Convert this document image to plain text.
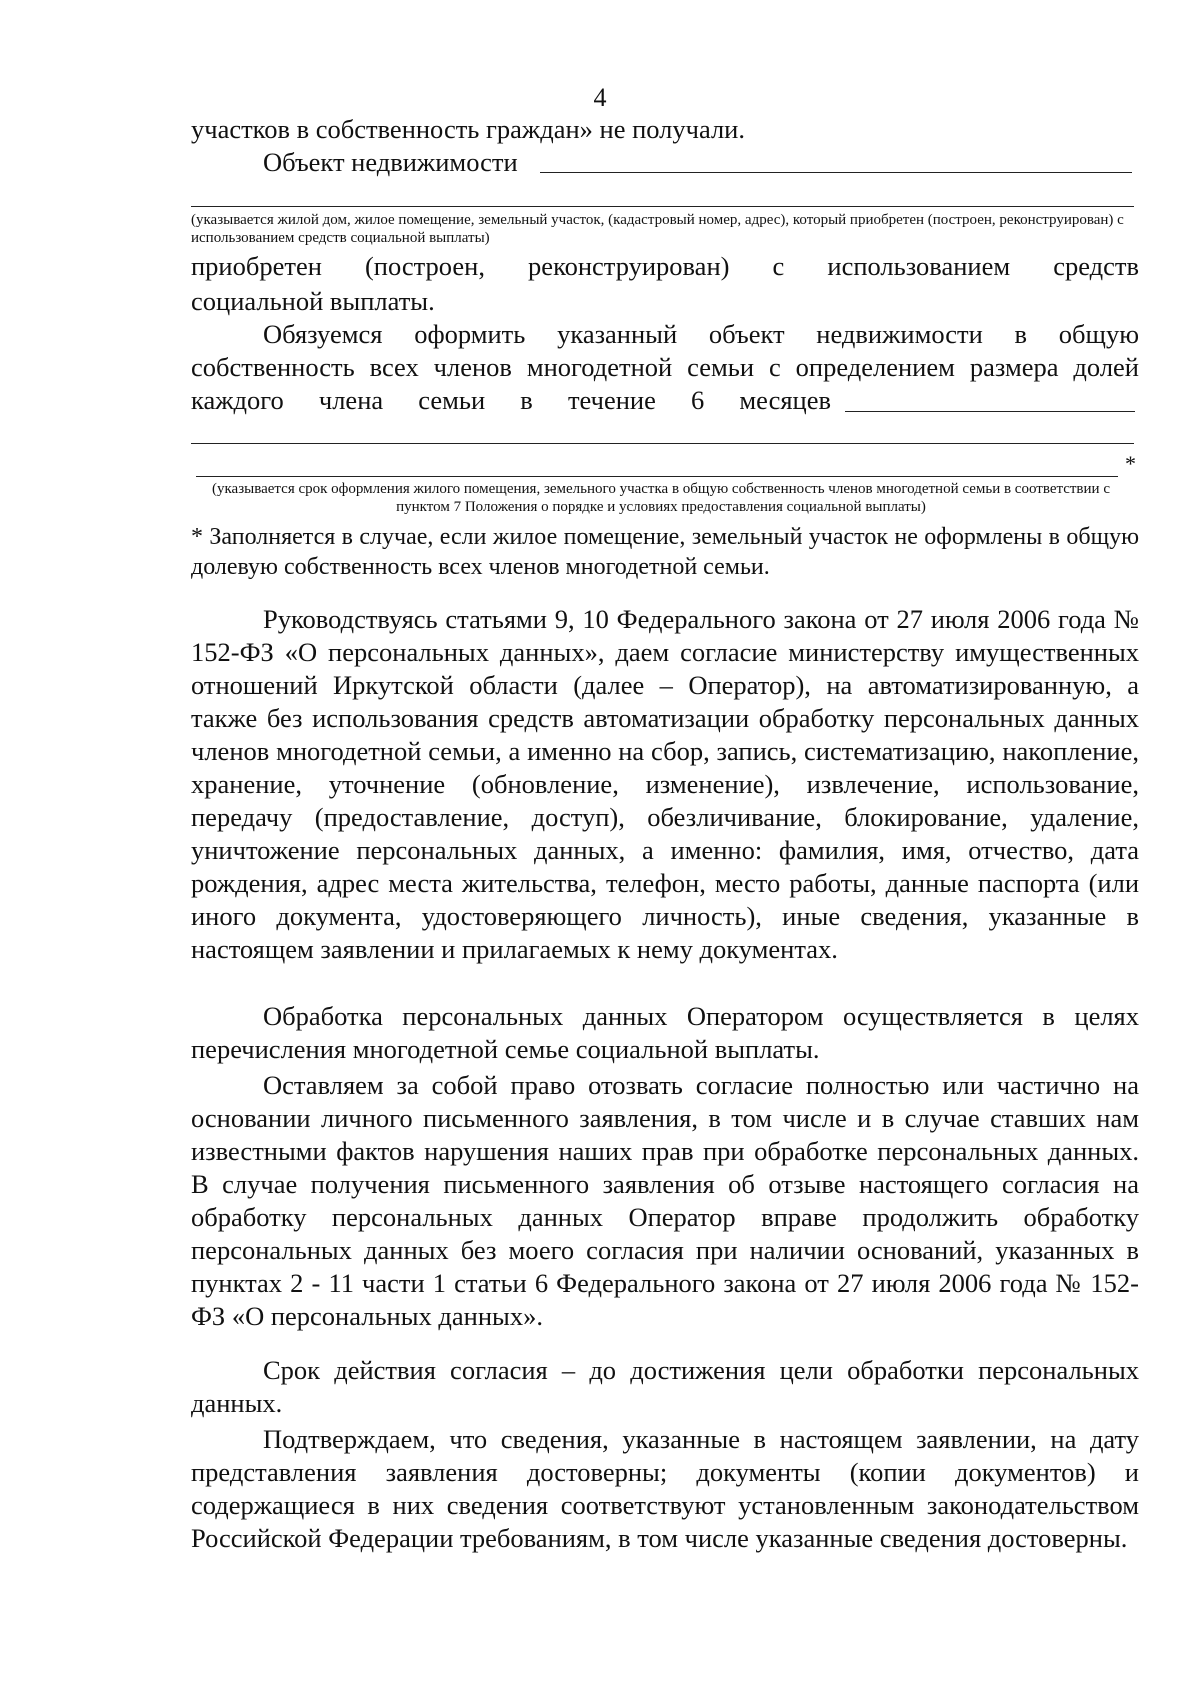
4

участков в собственность граждан» не получали.

Объект недвижимости

(указывается жилой дом, жилое помещение, земельный участок, (кадастровый номер, адрес), который приобретен (построен, реконструирован) с использованием средств социальной выплаты)

приобретен (построен, реконструирован) с использованием средств

социальной выплаты.

Обязуемся оформить указанный объект недвижимости в общую

собственность всех членов многодетной семьи с определением размера долей

каждого члена семьи в течение 6 месяцев

*

(указывается срок оформления жилого помещения, земельного участка в общую собственность членов многодетной семьи в соответствии с пунктом 7 Положения о порядке и условиях предоставления социальной выплаты)

* Заполняется в случае, если жилое помещение, земельный участок не оформлены в общую долевую собственность всех членов многодетной семьи.

Руководствуясь статьями 9, 10 Федерального закона от 27 июля 2006 года № 152-ФЗ «О персональных данных», даем согласие министерству имущественных отношений Иркутской области (далее – Оператор), на автоматизированную, а также без использования средств автоматизации обработку персональных данных членов многодетной семьи, а именно на сбор, запись, систематизацию, накопление, хранение, уточнение (обновление, изменение), извлечение, использование, передачу (предоставление, доступ), обезличивание, блокирование, удаление, уничтожение персональных данных, а именно: фамилия, имя, отчество, дата рождения, адрес места жительства, телефон, место работы, данные паспорта (или иного документа, удостоверяющего личность), иные сведения, указанные в настоящем заявлении и прилагаемых к нему документах.

Обработка персональных данных Оператором осуществляется в целях перечисления многодетной семье социальной выплаты.

Оставляем за собой право отозвать согласие полностью или частично на основании личного письменного заявления, в том числе и в случае ставших нам известными фактов нарушения наших прав при обработке персональных данных. В случае получения письменного заявления об отзыве настоящего согласия на обработку персональных данных Оператор вправе продолжить обработку персональных данных без моего согласия при наличии оснований, указанных в пунктах 2 - 11 части 1 статьи 6 Федерального закона от 27 июля 2006 года № 152-ФЗ «О персональных данных».

Срок действия согласия – до достижения цели обработки персональных данных.

Подтверждаем, что сведения, указанные в настоящем заявлении, на дату представления заявления достоверны; документы (копии документов) и содержащиеся в них сведения соответствуют установленным законодательством Российской Федерации требованиям, в том числе указанные сведения достоверны.
